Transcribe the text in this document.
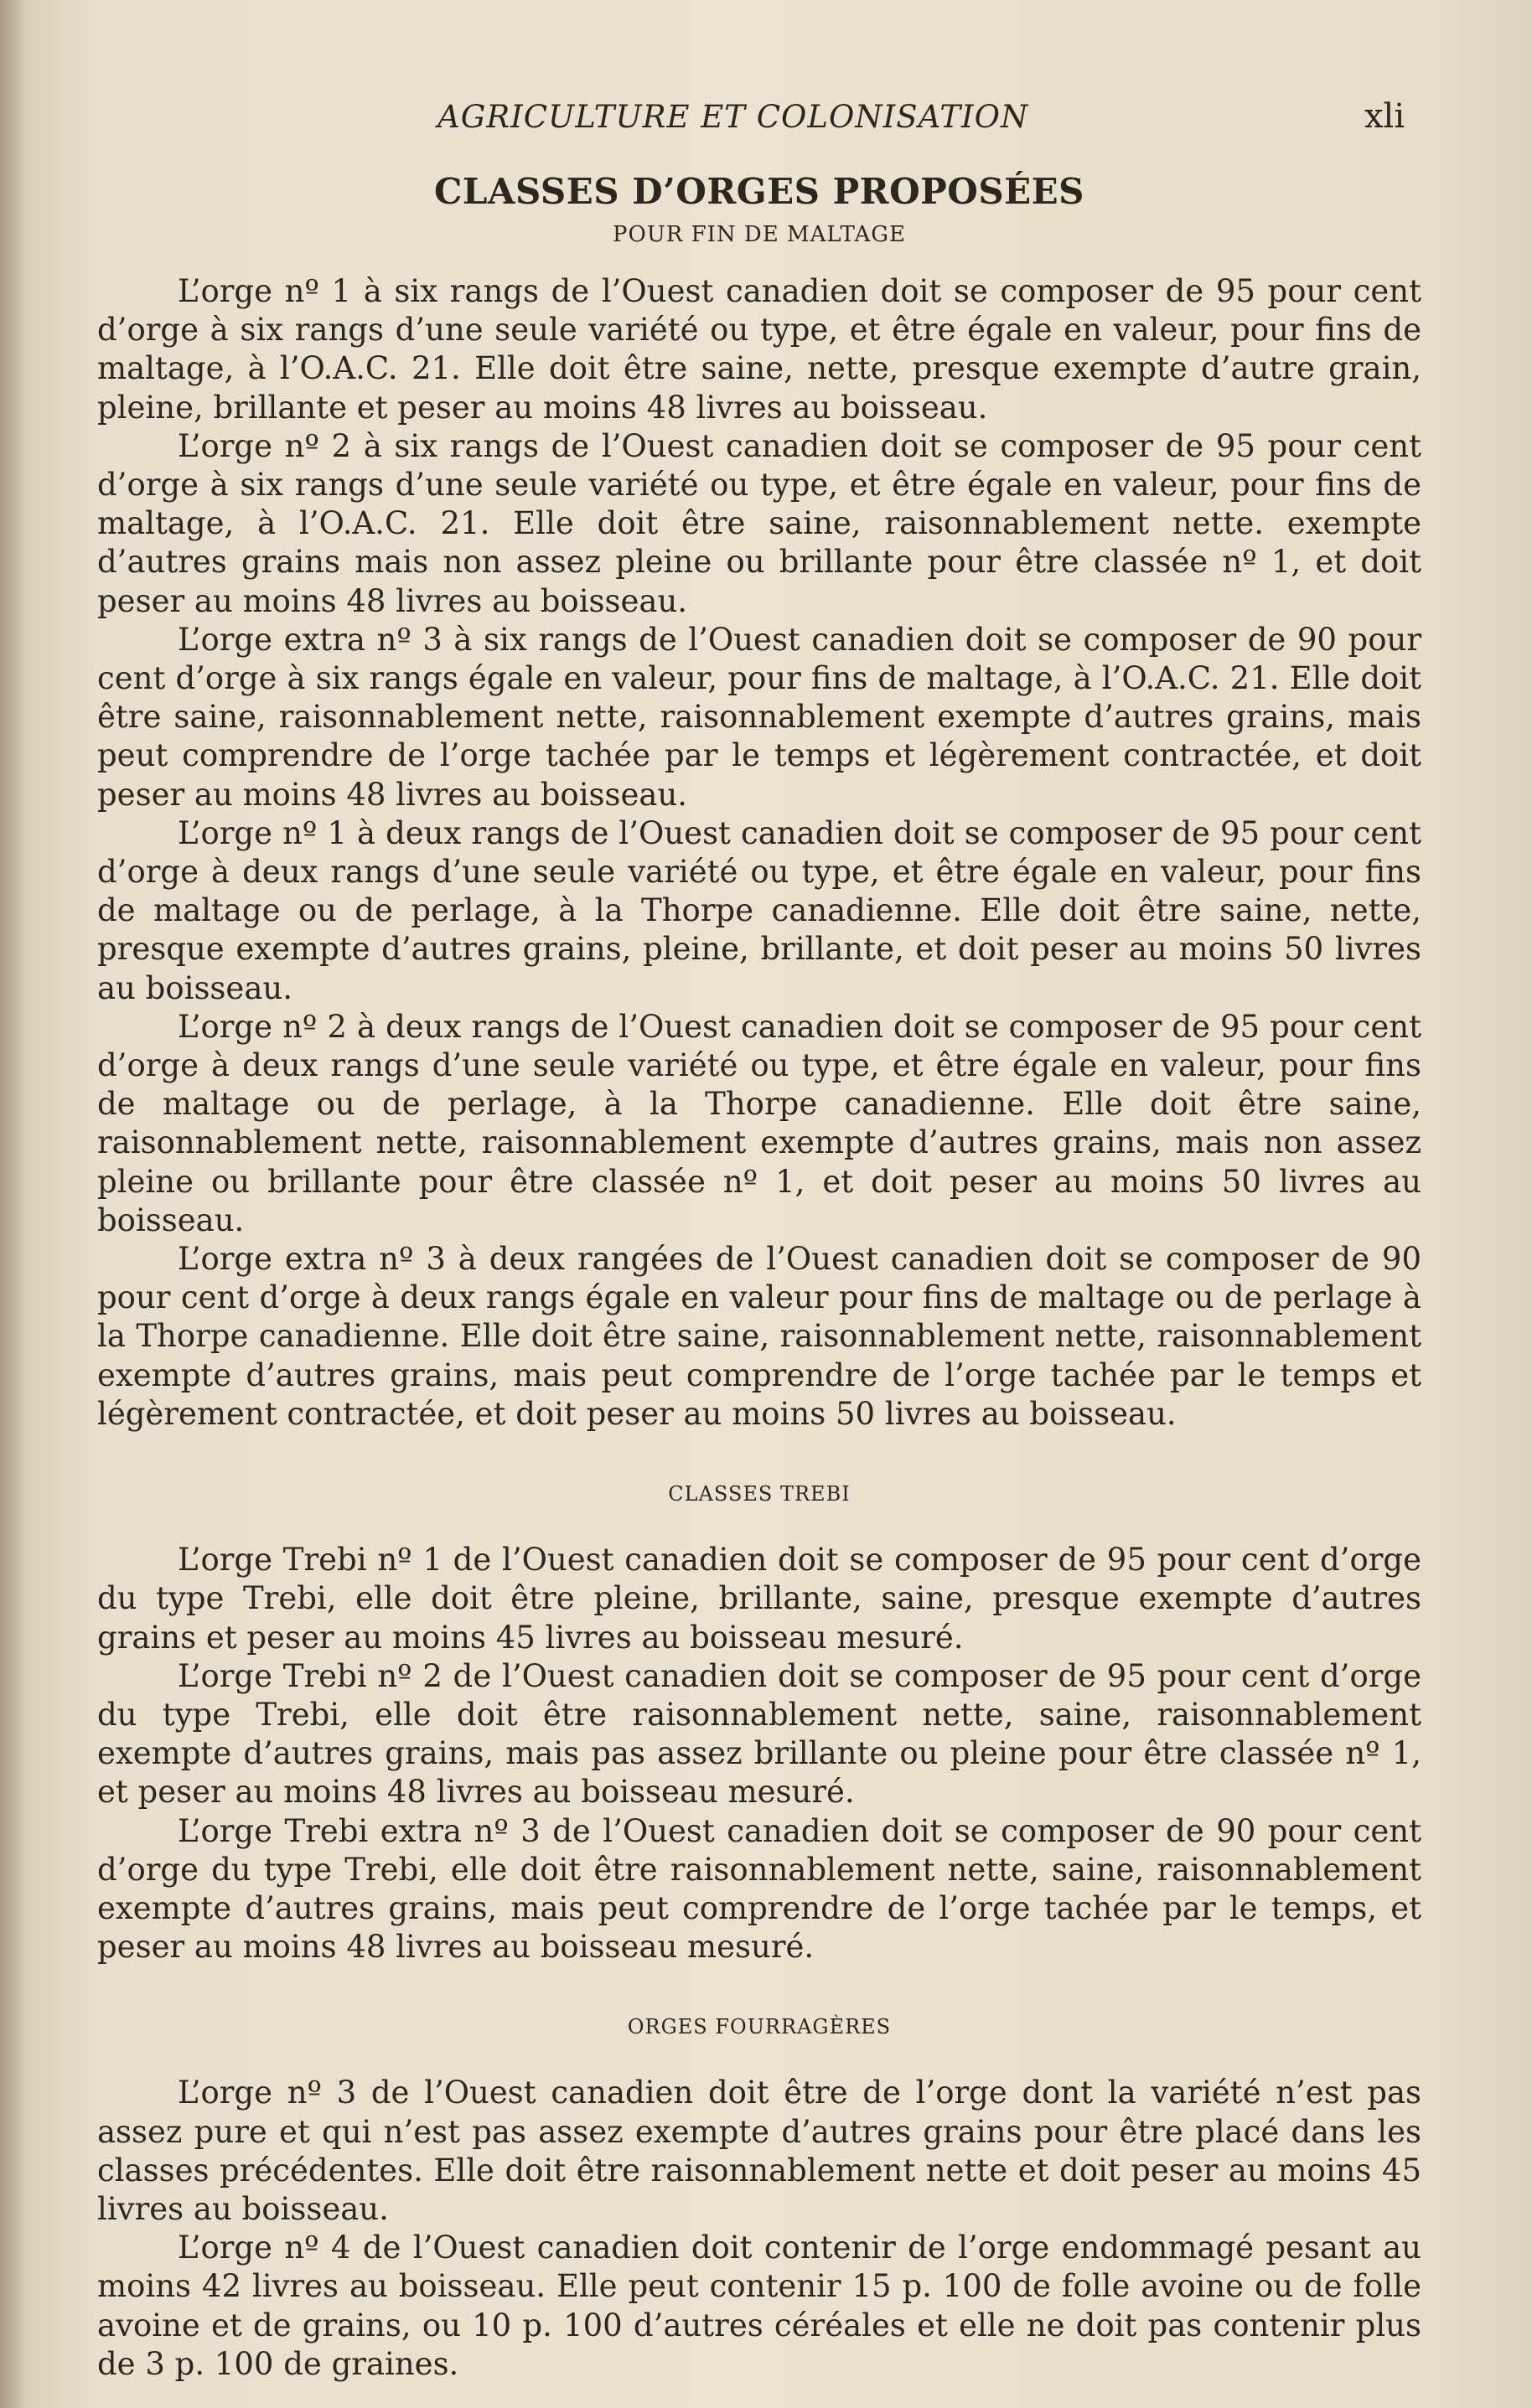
AGRICULTURE ET COLONISATION	xli
CLASSES D’ORGES PROPOSÉES
POUR FIN DE MALTAGE

L’orge nº 1 à six rangs de l’Ouest canadien doit se composer de 95 pour cent d’orge à six rangs d’une seule variété ou type, et être égale en valeur, pour fins de maltage, à l’O.A.C. 21. Elle doit être saine, nette, presque exempte d’autre grain, pleine, brillante et peser au moins 48 livres au boisseau.

L’orge nº 2 à six rangs de l’Ouest canadien doit se composer de 95 pour cent d’orge à six rangs d’une seule variété ou type, et être égale en valeur, pour fins de maltage, à l’O.A.C. 21. Elle doit être saine, raisonnablement nette. exempte d’autres grains mais non assez pleine ou brillante pour être classée nº 1, et doit peser au moins 48 livres au boisseau.

L’orge extra nº 3 à six rangs de l’Ouest canadien doit se composer de 90 pour cent d’orge à six rangs égale en valeur, pour fins de maltage, à l’O.A.C. 21. Elle doit être saine, raisonnablement nette, raisonnablement exempte d’autres grains, mais peut comprendre de l’orge tachée par le temps et légèrement contractée, et doit peser au moins 48 livres au boisseau.

L’orge nº 1 à deux rangs de l’Ouest canadien doit se composer de 95 pour cent d’orge à deux rangs d’une seule variété ou type, et être égale en valeur, pour fins de maltage ou de perlage, à la Thorpe canadienne. Elle doit être saine, nette, presque exempte d’autres grains, pleine, brillante, et doit peser au moins 50 livres au boisseau.

L’orge nº 2 à deux rangs de l’Ouest canadien doit se composer de 95 pour cent d’orge à deux rangs d’une seule variété ou type, et être égale en valeur, pour fins de maltage ou de perlage, à la Thorpe canadienne. Elle doit être saine, raisonnablement nette, raisonnablement exempte d’autres grains, mais non assez pleine ou brillante pour être classée nº 1, et doit peser au moins 50 livres au boisseau.

L’orge extra nº 3 à deux rangées de l’Ouest canadien doit se composer de 90 pour cent d’orge à deux rangs égale en valeur pour fins de maltage ou de perlage à la Thorpe canadienne. Elle doit être saine, raisonnablement nette, raisonnablement exempte d’autres grains, mais peut comprendre de l’orge tachée par le temps et légèrement contractée, et doit peser au moins 50 livres au boisseau.

CLASSES TREBI

L’orge Trebi nº 1 de l’Ouest canadien doit se composer de 95 pour cent d’orge du type Trebi, elle doit être pleine, brillante, saine, presque exempte d’autres grains et peser au moins 45 livres au boisseau mesuré.

L’orge Trebi nº 2 de l’Ouest canadien doit se composer de 95 pour cent d’orge du type Trebi, elle doit être raisonnablement nette, saine, raisonnablement exempte d’autres grains, mais pas assez brillante ou pleine pour être classée nº 1, et peser au moins 48 livres au boisseau mesuré.

L’orge Trebi extra nº 3 de l’Ouest canadien doit se composer de 90 pour cent d’orge du type Trebi, elle doit être raisonnablement nette, saine, raisonnablement exempte d’autres grains, mais peut comprendre de l’orge tachée par le temps, et peser au moins 48 livres au boisseau mesuré.

ORGES FOURRAGÈRES

L’orge nº 3 de l’Ouest canadien doit être de l’orge dont la variété n’est pas assez pure et qui n’est pas assez exempte d’autres grains pour être placé dans les classes précédentes. Elle doit être raisonnablement nette et doit peser au moins 45 livres au boisseau.

L’orge nº 4 de l’Ouest canadien doit contenir de l’orge endommagé pesant au moins 42 livres au boisseau. Elle peut contenir 15 p. 100 de folle avoine ou de folle avoine et de grains, ou 10 p. 100 d’autres céréales et elle ne doit pas contenir plus de 3 p. 100 de graines.
